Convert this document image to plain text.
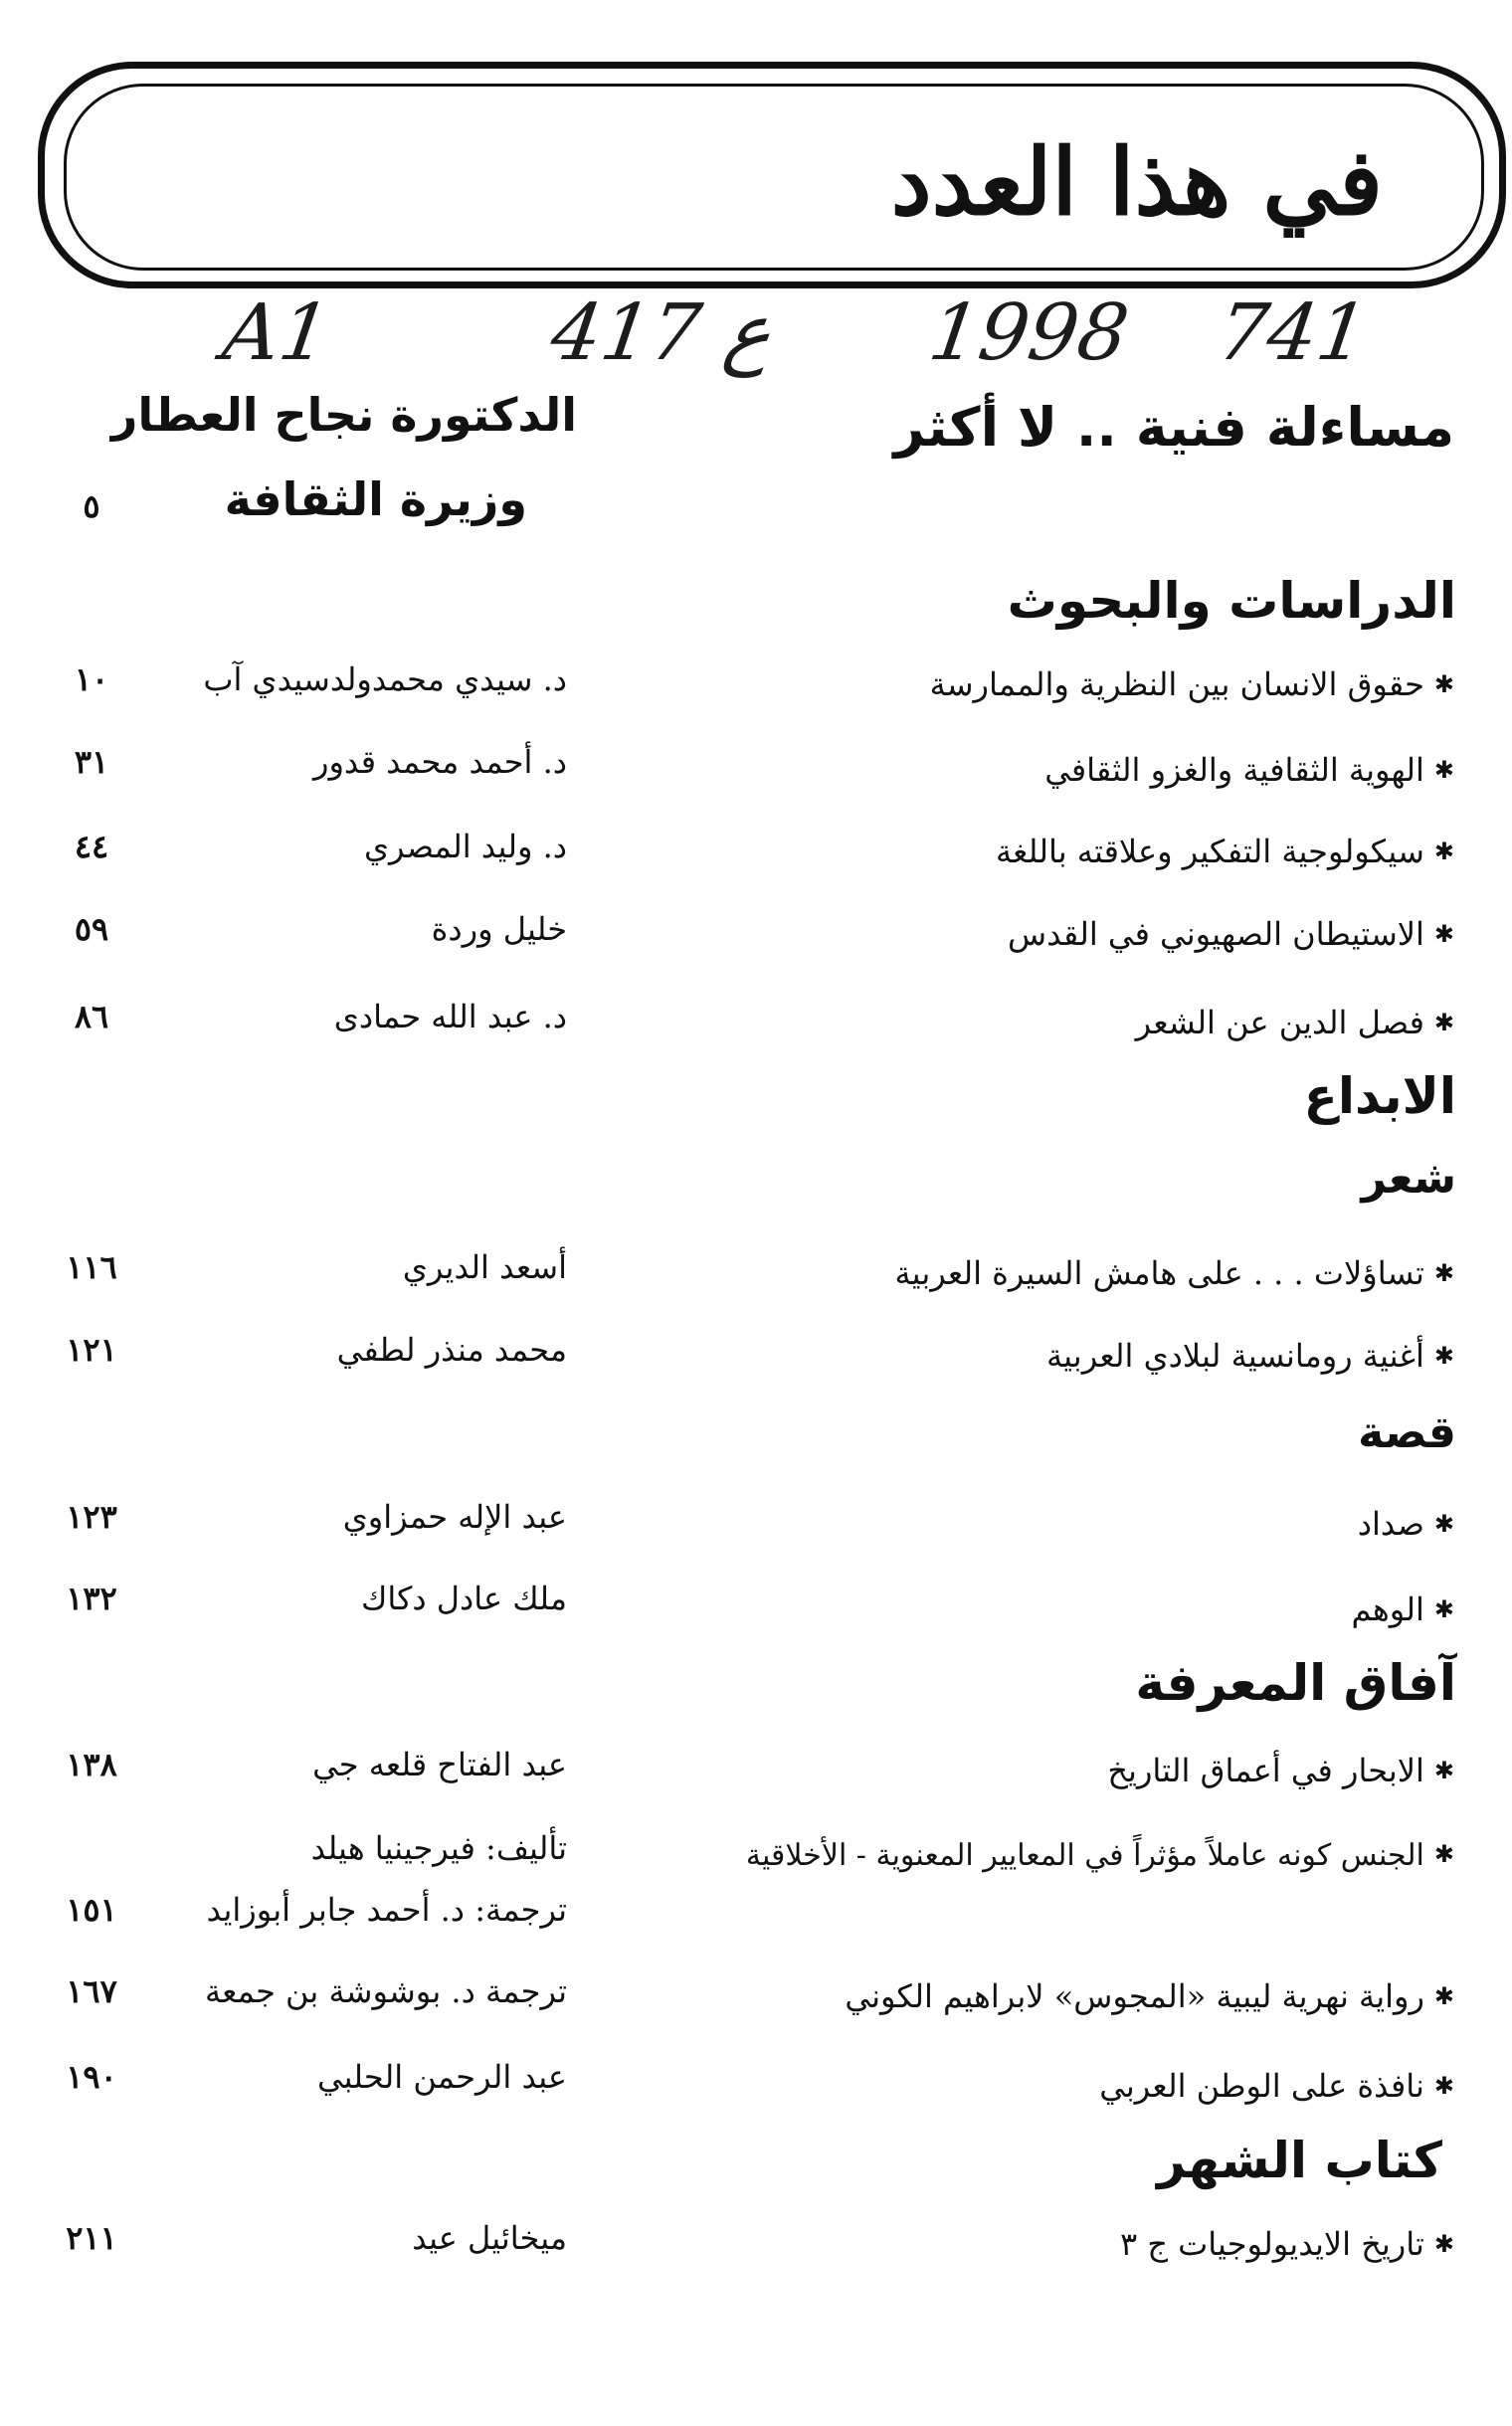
في هذا العدد
A1	417 ع 1998 741
مساءلة فنية .. لا أكثر
الدكتورة نجاح العطار
وزيرة الثقافة
٥
الدراسات والبحوث
✱حقوق الانسان بين النظرية والممارسة
د. سيدي محمدولدسيدي آب
١٠
✱الهوية الثقافية والغزو الثقافي
د. أحمد محمد قدور
٣١
✱سيكولوجية التفكير وعلاقته باللغة
د. وليد المصري
٤٤
✱الاستيطان الصهيوني في القدس
خليل وردة
٥٩
✱فصل الدين عن الشعر
د. عبد الله حمادى
٨٦
الابداع
شعر
✱تساؤلات . . . على هامش السيرة العربية
أسعد الديري
١١٦
✱أغنية رومانسية لبلادي العربية
محمد منذر لطفي
١٢١
قصة
✱صداد
عبد الإله حمزاوي
١٢٣
✱الوهم
ملك عادل دكاك
١٣٢
آفاق المعرفة
✱الابحار في أعماق التاريخ
عبد الفتاح قلعه جي
١٣٨
✱الجنس كونه عاملاً مؤثراً في المعايير المعنوية - الأخلاقية
تأليف: فيرجينيا هيلد
ترجمة: د. أحمد جابر أبوزايد
١٥١
✱رواية نهرية ليبية «المجوس» لابراهيم الكوني
ترجمة د. بوشوشة بن جمعة
١٦٧
✱نافذة على الوطن العربي
عبد الرحمن الحلبي
١٩٠
كتاب الشهر
✱تاريخ الايديولوجيات ج ٣
ميخائيل عيد
٢١١
